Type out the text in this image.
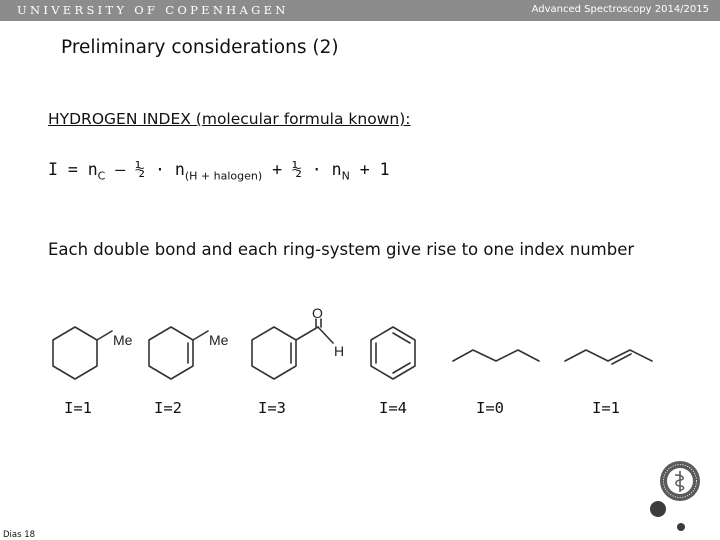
UNIVERSITY OF COPENHAGEN	Advanced Spectroscopy 2014/2015
Preliminary considerations (2)
HYDROGEN INDEX (molecular formula known):
$I = n_C$ – ½ · $n_{(H + halogen)}$ + ½ · $n_N + 1$
Each double bond and each ring-system give rise to one index number
Me	Me
O
H
I=1	I=2	I=3	I=4	I=0	I=1
Dias 18
